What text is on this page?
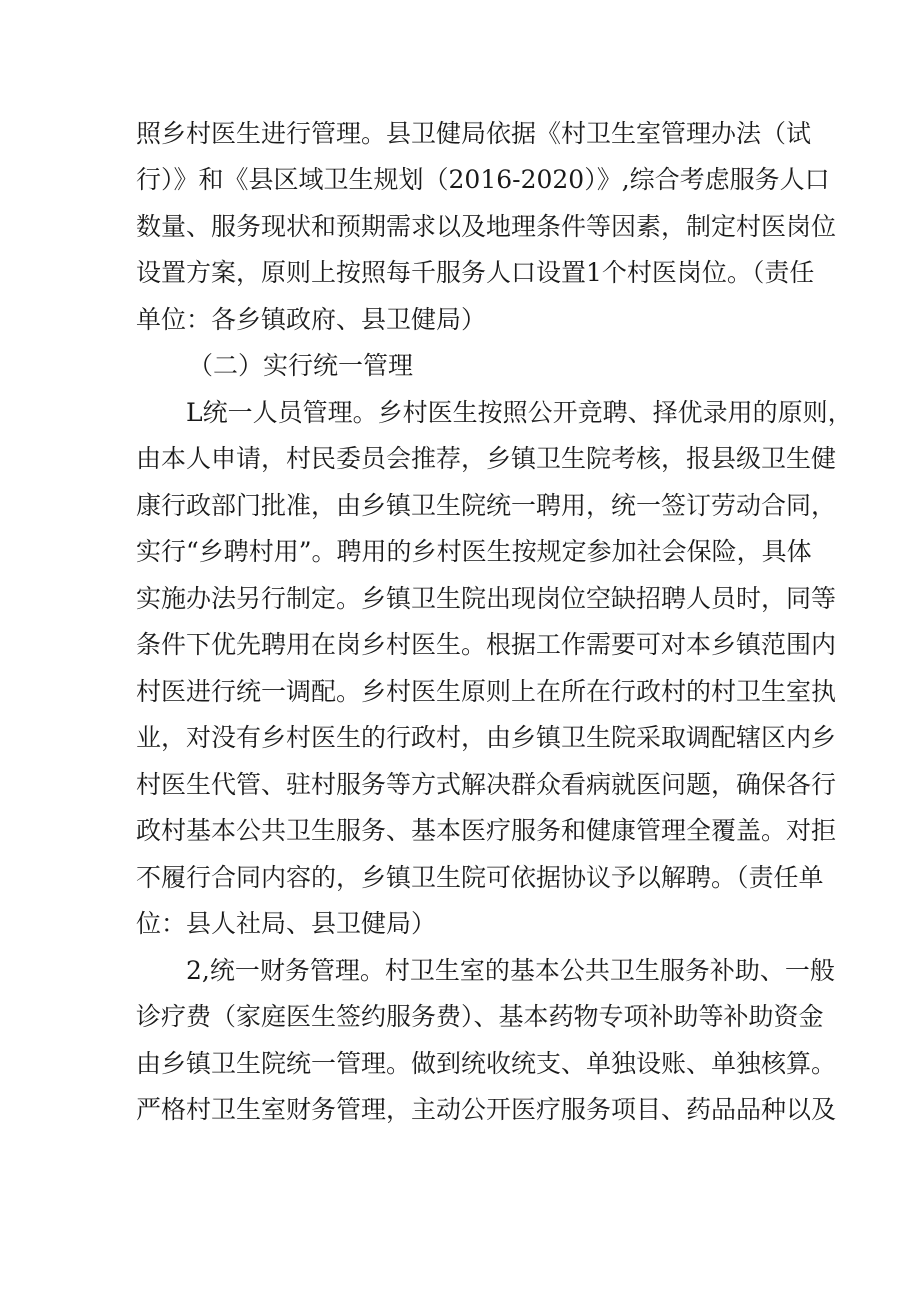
照乡村医生进行管理。县卫健局依据《村卫生室管理办法（试
行）》和《县区域卫生规划（2016-2020）》,综合考虑服务人口
数量、服务现状和预期需求以及地理条件等因素，制定村医岗位
设置方案，原则上按照每千服务人口设置1个村医岗位。（责任
单位：各乡镇政府、县卫健局）
（二）实行统一管理
L统一人员管理。乡村医生按照公开竞聘、择优录用的原则，
由本人申请，村民委员会推荐，乡镇卫生院考核，报县级卫生健
康行政部门批准，由乡镇卫生院统一聘用，统一签订劳动合同，
实行“乡聘村用”。聘用的乡村医生按规定参加社会保险，具体
实施办法另行制定。乡镇卫生院出现岗位空缺招聘人员时，同等
条件下优先聘用在岗乡村医生。根据工作需要可对本乡镇范围内
村医进行统一调配。乡村医生原则上在所在行政村的村卫生室执
业，对没有乡村医生的行政村，由乡镇卫生院采取调配辖区内乡
村医生代管、驻村服务等方式解决群众看病就医问题，确保各行
政村基本公共卫生服务、基本医疗服务和健康管理全覆盖。对拒
不履行合同内容的，乡镇卫生院可依据协议予以解聘。（责任单
位：县人社局、县卫健局）
2,统一财务管理。村卫生室的基本公共卫生服务补助、一般
诊疗费（家庭医生签约服务费）、基本药物专项补助等补助资金
由乡镇卫生院统一管理。做到统收统支、单独设账、单独核算。
严格村卫生室财务管理，主动公开医疗服务项目、药品品种以及
